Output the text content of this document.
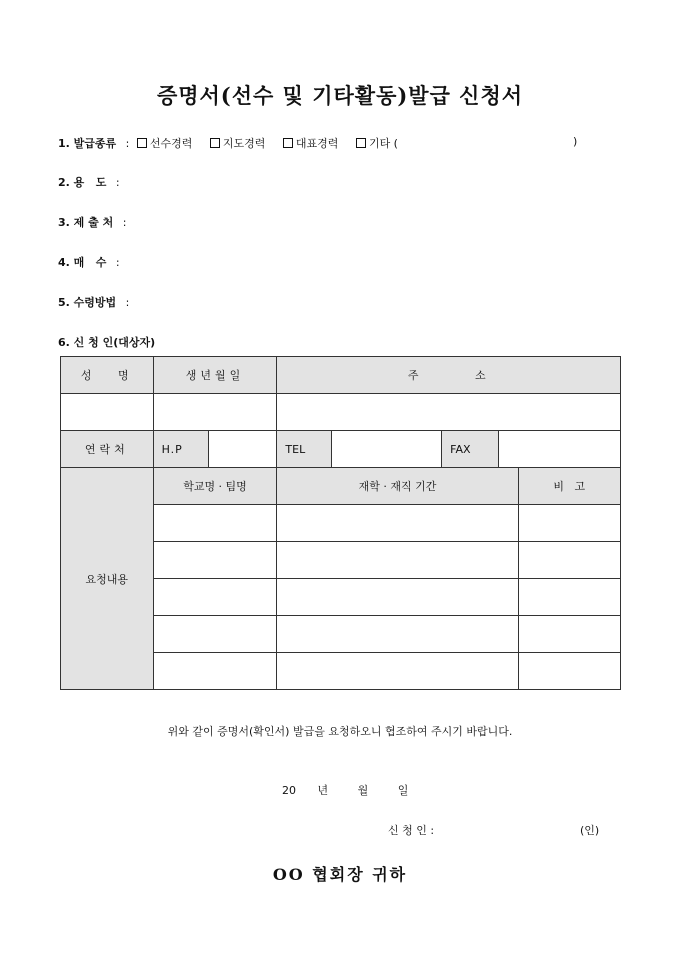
증명서(선수 및 기타활동)발급 신청서
1. 발급종류 : 선수경력	지도경력	대표경력	기타 (	)
2. 용   도 :
3. 제 출 처 :
4. 매   수 :
5. 수령방법 :
6. 신 청 인(대상자)
성   명	생년월일		주       소				

연락처	H.P		TEL		FAX		
요청내용	학교명 · 팀명		재학 · 재직 기간				비   고

위와 같이 증명서(확인서) 발급을 요청하오니 협조하여 주시기 바랍니다.
20 년	월	일
신 청 인 :	(인)
OO 협회장 귀하
